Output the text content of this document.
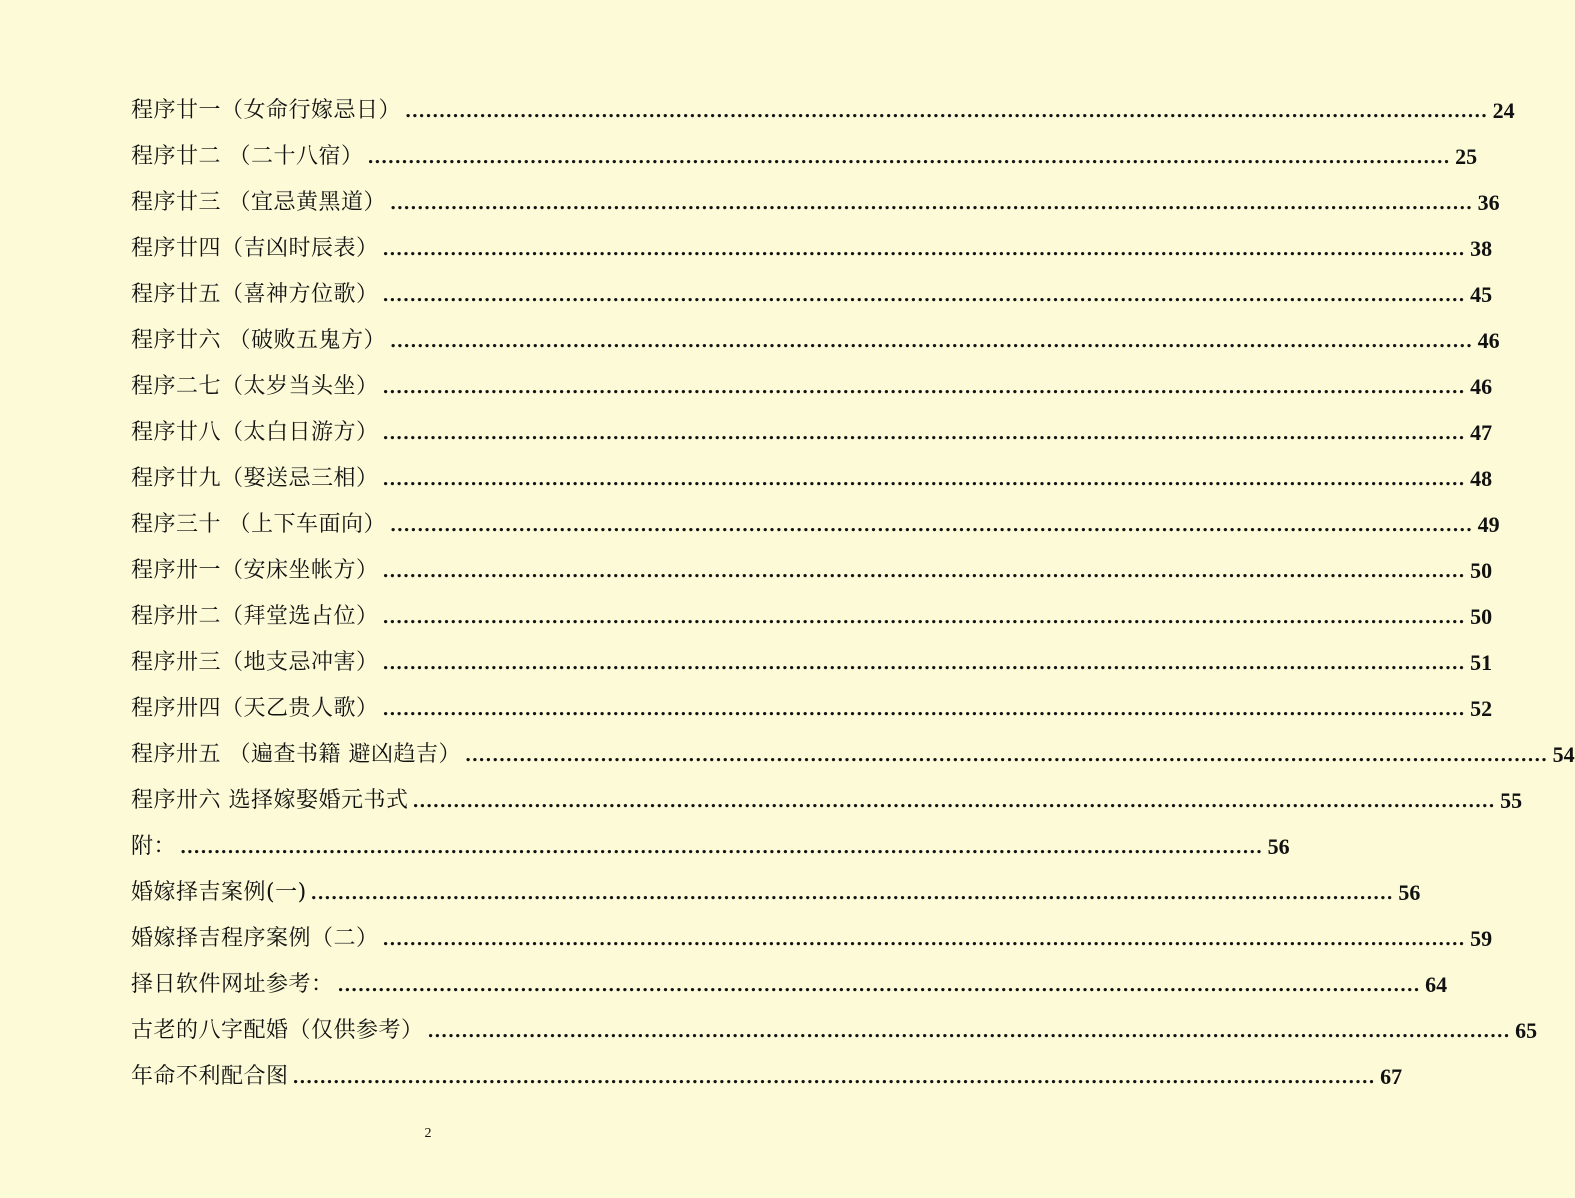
程序廿一（女命行嫁忌日） ................................................................................................................................................................ 24
程序廿二 （二十八宿） ................................................................................................................................................................ 25
程序廿三 （宜忌黄黑道） ................................................................................................................................................................ 36
程序廿四（吉凶时辰表） ................................................................................................................................................................ 38
程序廿五（喜神方位歌） ................................................................................................................................................................ 45
程序廿六 （破败五鬼方） ................................................................................................................................................................ 46
程序二七（太岁当头坐） ................................................................................................................................................................ 46
程序廿八（太白日游方） ................................................................................................................................................................ 47
程序廿九（娶送忌三相） ................................................................................................................................................................ 48
程序三十 （上下车面向） ................................................................................................................................................................ 49
程序卅一（安床坐帐方） ................................................................................................................................................................ 50
程序卅二（拜堂选占位） ................................................................................................................................................................ 50
程序卅三（地支忌冲害） ................................................................................................................................................................ 51
程序卅四（天乙贵人歌） ................................................................................................................................................................ 52
程序卅五 （遍查书籍 避凶趋吉） ................................................................................................................................................................ 54
程序卅六 选择嫁娶婚元书式 ................................................................................................................................................................ 55
附： ................................................................................................................................................................ 56
婚嫁择吉案例(一) ................................................................................................................................................................ 56
婚嫁择吉程序案例（二） ................................................................................................................................................................ 59
择日软件网址参考： ................................................................................................................................................................ 64
古老的八字配婚（仅供参考） ................................................................................................................................................................ 65
年命不利配合图 ................................................................................................................................................................ 67
2
